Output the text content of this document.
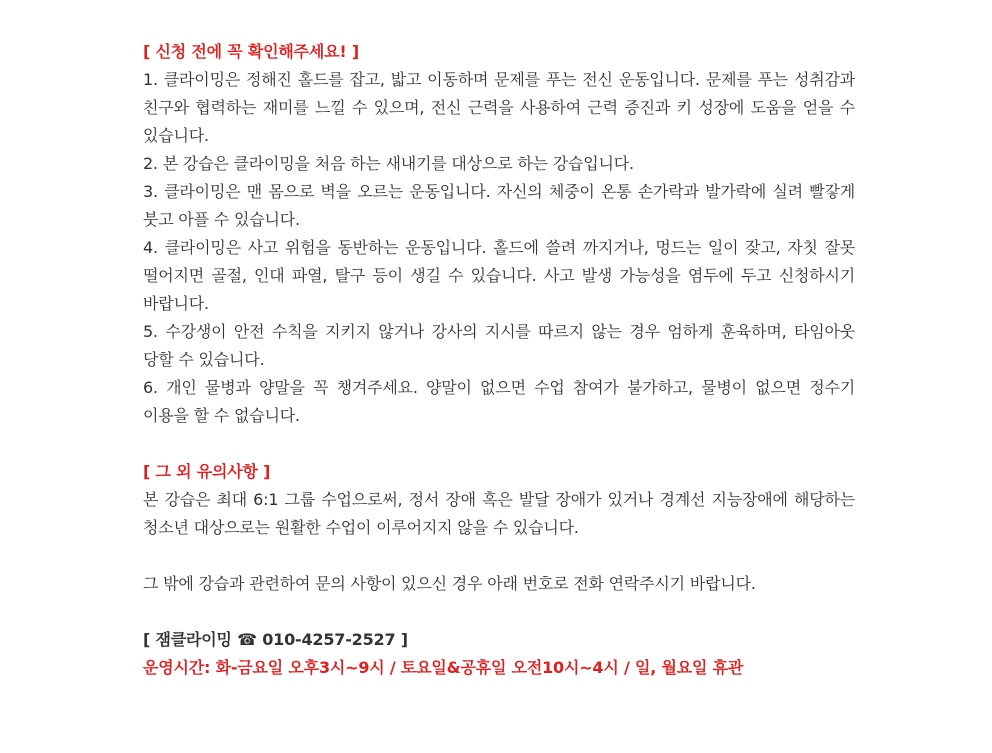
[ 신청 전에 꼭 확인해주세요! ]
1. 클라이밍은 정해진 홀드를 잡고, 밟고 이동하며 문제를 푸는 전신 운동입니다. 문제를 푸는 성취감과 친구와 협력하는 재미를 느낄 수 있으며, 전신 근력을 사용하여 근력 증진과 키 성장에 도움을 얻을 수 있습니다.
2. 본 강습은 클라이밍을 처음 하는 새내기를 대상으로 하는 강습입니다.
3. 클라이밍은 맨 몸으로 벽을 오르는 운동입니다. 자신의 체중이 온통 손가락과 발가락에 실려 빨갛게 붓고 아플 수 있습니다.
4. 클라이밍은 사고 위험을 동반하는 운동입니다. 홀드에 쓸려 까지거나, 멍드는 일이 잦고, 자칫 잘못 떨어지면 골절, 인대 파열, 탈구 등이 생길 수 있습니다. 사고 발생 가능성을 염두에 두고 신청하시기 바랍니다.
5. 수강생이 안전 수칙을 지키지 않거나 강사의 지시를 따르지 않는 경우 엄하게 훈육하며, 타임아웃 당할 수 있습니다.
6. 개인 물병과 양말을 꼭 챙겨주세요. 양말이 없으면 수업 참여가 불가하고, 물병이 없으면 정수기 이용을 할 수 없습니다.
[ 그 외 유의사항 ]
본 강습은 최대 6:1 그룹 수업으로써, 정서 장애 혹은 발달 장애가 있거나 경계선 지능장애에 해당하는 청소년 대상으로는 원활한 수업이 이루어지지 않을 수 있습니다.
그 밖에 강습과 관련하여 문의 사항이 있으신 경우 아래 번호로 전화 연락주시기 바랍니다.
[ 잼클라이밍 ☎ 010-4257-2527 ]
운영시간: 화-금요일 오후3시~9시 / 토요일&공휴일 오전10시~4시 / 일, 월요일 휴관
